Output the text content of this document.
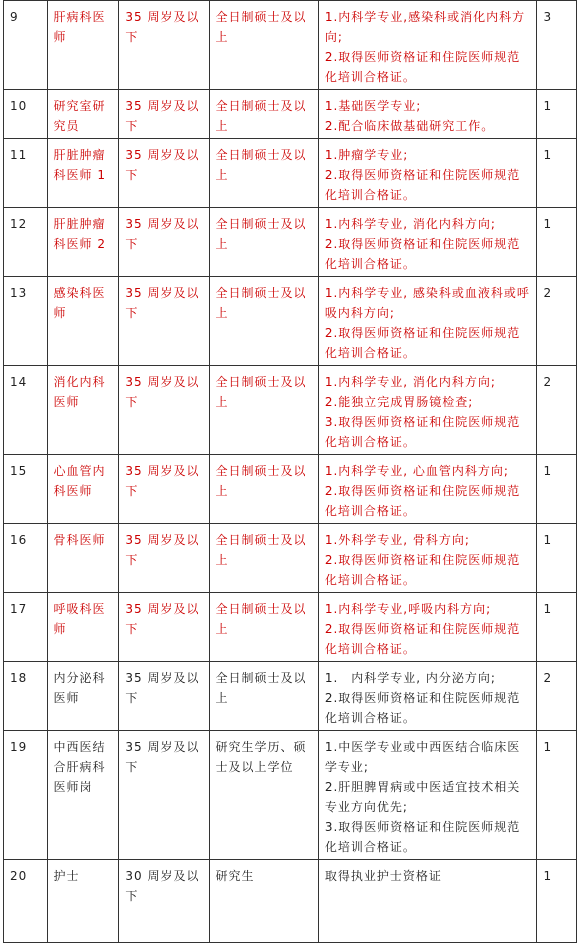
9	肝病科医师	35 周岁及以下	全日制硕士及以上	1.内科学专业,感染科或消化内科方向;
2.取得医师资格证和住院医师规范化培训合格证。	3
10	研究室研究员	35 周岁及以下	全日制硕士及以上	1.基础医学专业;
2.配合临床做基础研究工作。	1
11	肝脏肿瘤科医师 1	35 周岁及以下	全日制硕士及以上	1.肿瘤学专业;
2.取得医师资格证和住院医师规范化培训合格证。	1
12	肝脏肿瘤科医师 2	35 周岁及以下	全日制硕士及以上	1.内科学专业, 消化内科方向;
2.取得医师资格证和住院医师规范化培训合格证。	1
13	感染科医师	35 周岁及以下	全日制硕士及以上	1.内科学专业, 感染科或血液科或呼吸内科方向;
2.取得医师资格证和住院医师规范化培训合格证。	2
14	消化内科医师	35 周岁及以下	全日制硕士及以上	1.内科学专业, 消化内科方向;
2.能独立完成胃肠镜检查;
3.取得医师资格证和住院医师规范化培训合格证。	2
15	心血管内科医师	35 周岁及以下	全日制硕士及以上	1.内科学专业, 心血管内科方向;
2.取得医师资格证和住院医师规范化培训合格证。	1
16	骨科医师	35 周岁及以下	全日制硕士及以上	1.外科学专业, 骨科方向;
2.取得医师资格证和住院医师规范化培训合格证。	1
17	呼吸科医师	35 周岁及以下	全日制硕士及以上	1.内科学专业,呼吸内科方向;
2.取得医师资格证和住院医师规范化培训合格证。	1
18	内分泌科医师	35 周岁及以下	全日制硕士及以上	1.　内科学专业, 内分泌方向;
2.取得医师资格证和住院医师规范化培训合格证。	2
19	中西医结合肝病科医师岗	35 周岁及以下	研究生学历、硕士及以上学位	1.中医学专业或中西医结合临床医学专业;
2.肝胆脾胃病或中医适宜技术相关专业方向优先;
3.取得医师资格证和住院医师规范化培训合格证。	1
20	护士	30 周岁及以下	研究生	取得执业护士资格证	1
